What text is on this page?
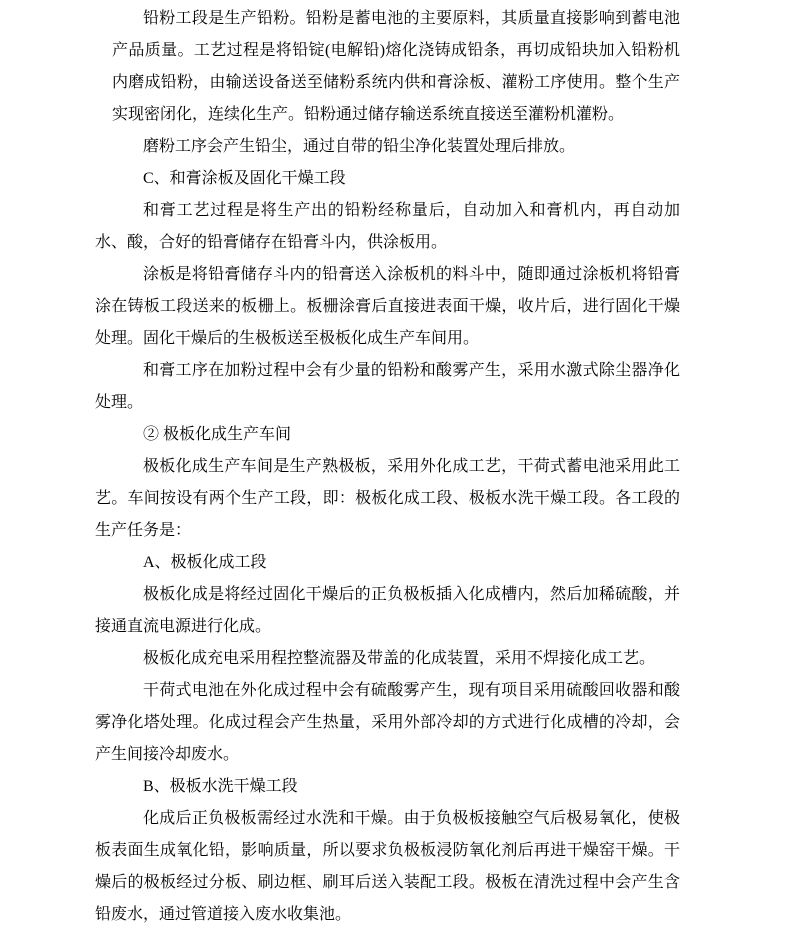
铅粉工段是生产铅粉。铅粉是蓄电池的主要原料，其质量直接影响到蓄电池产品质量。工艺过程是将铅锭(电解铅)熔化浇铸成铅条，再切成铅块加入铅粉机内磨成铅粉，由输送设备送至储粉系统内供和膏涂板、灌粉工序使用。整个生产实现密闭化，连续化生产。铅粉通过储存输送系统直接送至灌粉机灌粉。

磨粉工序会产生铅尘，通过自带的铅尘净化装置处理后排放。

C、和膏涂板及固化干燥工段

和膏工艺过程是将生产出的铅粉经称量后，自动加入和膏机内，再自动加水、酸，合好的铅膏储存在铅膏斗内，供涂板用。

涂板是将铅膏储存斗内的铅膏送入涂板机的料斗中，随即通过涂板机将铅膏涂在铸板工段送来的板栅上。板栅涂膏后直接进表面干燥，收片后，进行固化干燥处理。固化干燥后的生极板送至极板化成生产车间用。

和膏工序在加粉过程中会有少量的铅粉和酸雾产生，采用水激式除尘器净化处理。

② 极板化成生产车间

极板化成生产车间是生产熟极板，采用外化成工艺，干荷式蓄电池采用此工艺。车间按设有两个生产工段，即：极板化成工段、极板水洗干燥工段。各工段的生产任务是：

A、极板化成工段

极板化成是将经过固化干燥后的正负极板插入化成槽内，然后加稀硫酸，并接通直流电源进行化成。

极板化成充电采用程控整流器及带盖的化成装置，采用不焊接化成工艺。

干荷式电池在外化成过程中会有硫酸雾产生，现有项目采用硫酸回收器和酸雾净化塔处理。化成过程会产生热量，采用外部冷却的方式进行化成槽的冷却，会产生间接冷却废水。

B、极板水洗干燥工段

化成后正负极板需经过水洗和干燥。由于负极板接触空气后极易氧化，使极板表面生成氧化铅，影响质量，所以要求负极板浸防氧化剂后再进干燥窑干燥。干燥后的极板经过分板、刷边框、刷耳后送入装配工段。极板在清洗过程中会产生含铅废水，通过管道接入废水收集池。
